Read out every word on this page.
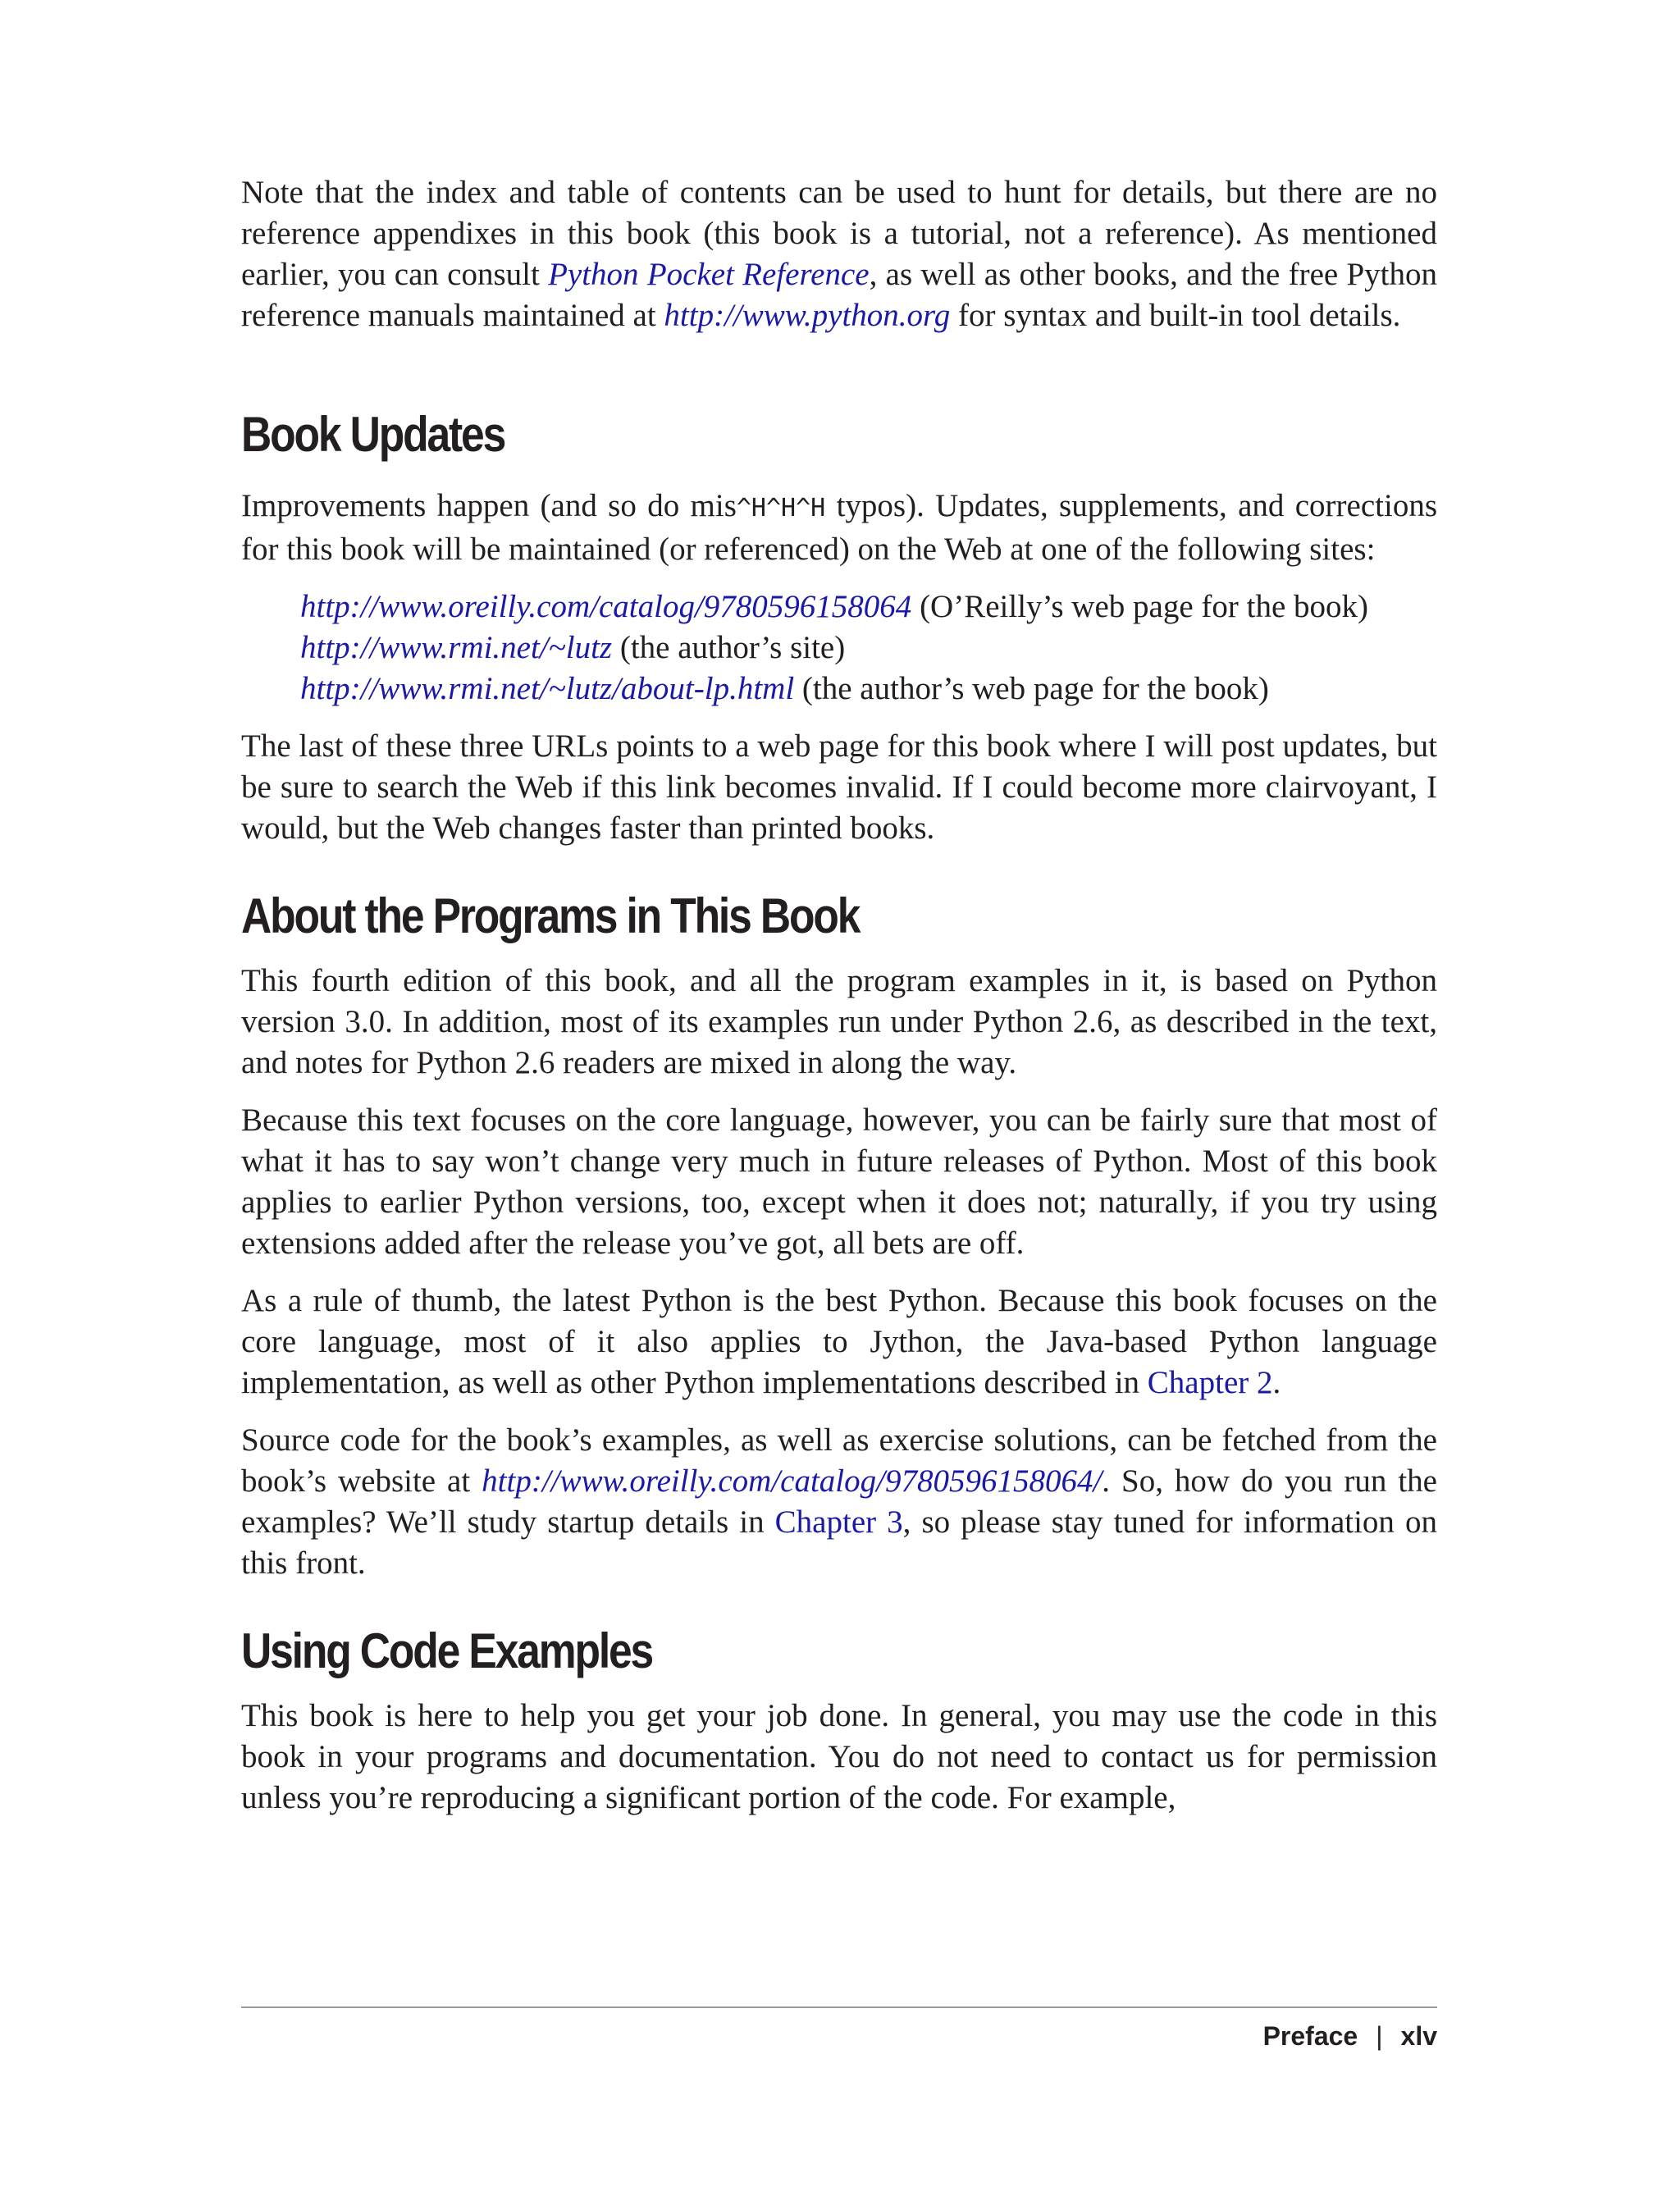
Note that the index and table of contents can be used to hunt for details, but there are no reference appendixes in this book (this book is a tutorial, not a reference). As mentioned earlier, you can consult Python Pocket Reference, as well as other books, and the free Python reference manuals maintained at http://www.python.org for syntax and built-in tool details.

Book Updates

Improvements happen (and so do mis^H^H^H typos). Updates, supplements, and corrections for this book will be maintained (or referenced) on the Web at one of the following sites:

http://www.oreilly.com/catalog/9780596158064 (O’Reilly’s web page for the book)
http://www.rmi.net/~lutz (the author’s site)
http://www.rmi.net/~lutz/about-lp.html (the author’s web page for the book)

The last of these three URLs points to a web page for this book where I will post updates, but be sure to search the Web if this link becomes invalid. If I could become more clairvoyant, I would, but the Web changes faster than printed books.

About the Programs in This Book

This fourth edition of this book, and all the program examples in it, is based on Python version 3.0. In addition, most of its examples run under Python 2.6, as described in the text, and notes for Python 2.6 readers are mixed in along the way.

Because this text focuses on the core language, however, you can be fairly sure that most of what it has to say won’t change very much in future releases of Python. Most of this book applies to earlier Python versions, too, except when it does not; naturally, if you try using extensions added after the release you’ve got, all bets are off.

As a rule of thumb, the latest Python is the best Python. Because this book focuses on the core language, most of it also applies to Jython, the Java-based Python language implementation, as well as other Python implementations described in Chapter 2.

Source code for the book’s examples, as well as exercise solutions, can be fetched from the book’s website at http://www.oreilly.com/catalog/9780596158064/. So, how do you run the examples? We’ll study startup details in Chapter 3, so please stay tuned for information on this front.

Using Code Examples

This book is here to help you get your job done. In general, you may use the code in this book in your programs and documentation. You do not need to contact us for permission unless you’re reproducing a significant portion of the code. For example,

Preface | xlv
